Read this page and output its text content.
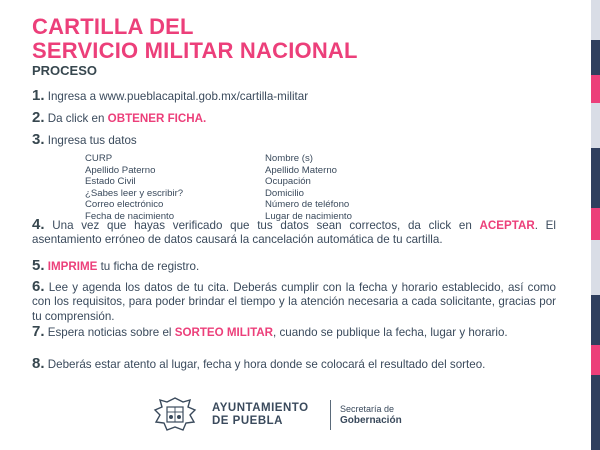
CARTILLA DEL
SERVICIO MILITAR NACIONAL
PROCESO
1. Ingresa a www.pueblacapital.gob.mx/cartilla-militar
2. Da click en OBTENER FICHA.
3. Ingresa tus datos
CURP
Apellido Paterno
Estado Civil
¿Sabes leer y escribir?
Correo electrónico
Fecha de nacimiento
Nombre (s)
Apellido Materno
Ocupación
Domicilio
Número de teléfono
Lugar de nacimiento
4. Una vez que hayas verificado que tus datos sean correctos, da click en ACEPTAR. El asentamiento erróneo de datos causará la cancelación automática de tu cartilla.
5. IMPRIME tu ficha de registro.
6. Lee y agenda los datos de tu cita. Deberás cumplir con la fecha y horario establecido, así como con los requisitos, para poder brindar el tiempo y la atención necesaria a cada solicitante, gracias por tu comprensión.
7. Espera noticias sobre el SORTEO MILITAR, cuando se publique la fecha, lugar y horario.
8. Deberás estar atento al lugar, fecha y hora donde se colocará el resultado del sorteo.
AYUNTAMIENTO
DE PUEBLA
Secretaría de
Gobernación
